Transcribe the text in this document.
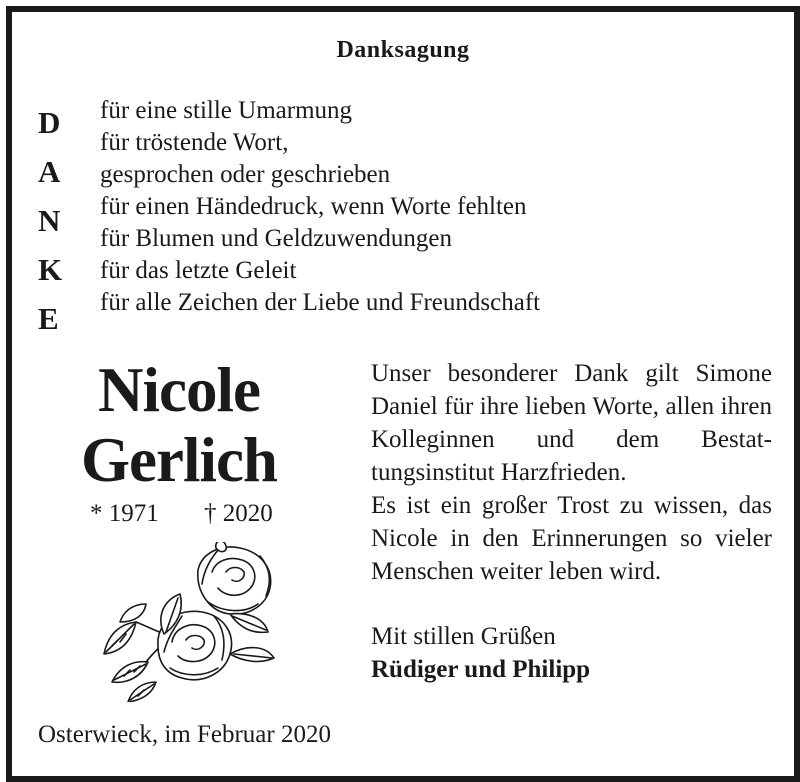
Danksagung
D
A
N
K
E
für eine stille Umarmung
für tröstende Wort,
gesprochen oder geschrieben
für einen Händedruck, wenn Worte fehlten
für Blumen und Geldzuwendungen
für das letzte Geleit
für alle Zeichen der Liebe und Freundschaft
Nicole
Gerlich
* 1971 † 2020

Unser besonderer Dank gilt Simone Daniel für ihre lieben Worte, allen ihren Kolleginnen und dem Bestattungsinstitut Harzfrieden.

Es ist ein großer Trost zu wissen, das Nicole in den Erinnerungen so vieler Menschen weiter leben wird.

Mit stillen Grüßen
Rüdiger und Philipp
Osterwieck, im Februar 2020
